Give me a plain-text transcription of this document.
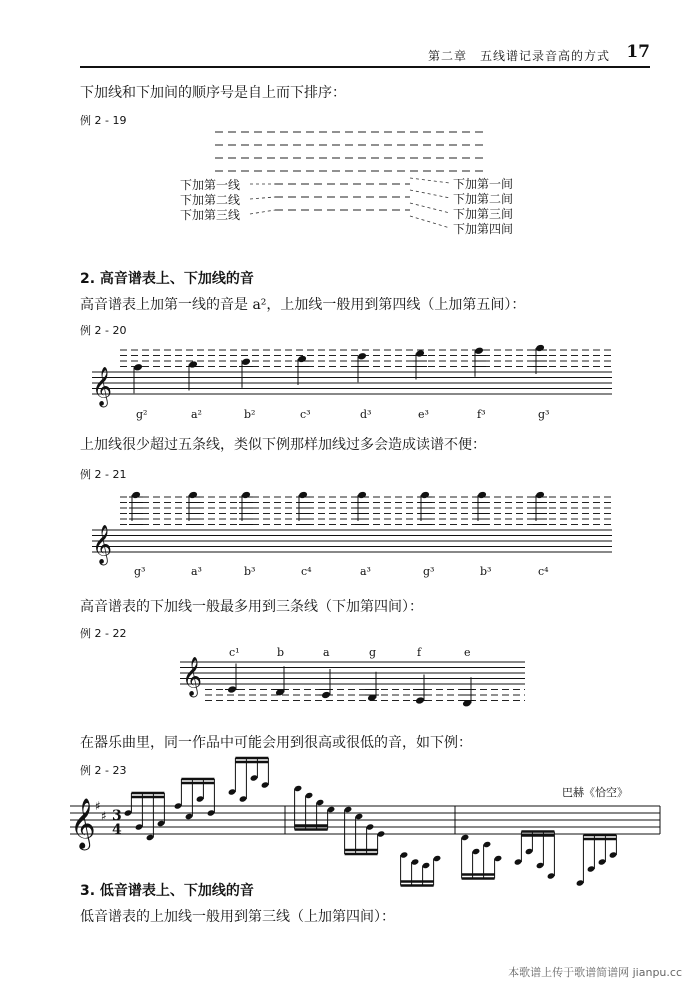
第二章　五线谱记录音高的方式 17
下加线和下加间的顺序号是自上而下排序：
例 2 - 19
下加第一线
下加第二线
下加第三线
下加第一间
下加第二间
下加第三间
下加第四间
2. 高音谱表上、下加线的音
高音谱表上加第一线的音是 a²，上加线一般用到第四线（上加第五间）：
例 2 - 20
𝄞
g²	a²	b²	c³	d³	e³	f³	g³
上加线很少超过五条线，类似下例那样加线过多会造成读谱不便：
例 2 - 21
𝄞
g³	a³	b³	c⁴	a³	g³	b³	c⁴
高音谱表的下加线一般最多用到三条线（下加第四间）：
例 2 - 22
𝄞
c¹	b	a	g	f	e
在器乐曲里，同一作品中可能会用到很高或很低的音，如下例：
例 2 - 23
巴赫《恰空》
𝄞 ♯
♯ 3
4
3. 低音谱表上、下加线的音
低音谱表的上加线一般用到第三线（上加第四间）：
本歌谱上传于歌谱简谱网 jianpu.cc
